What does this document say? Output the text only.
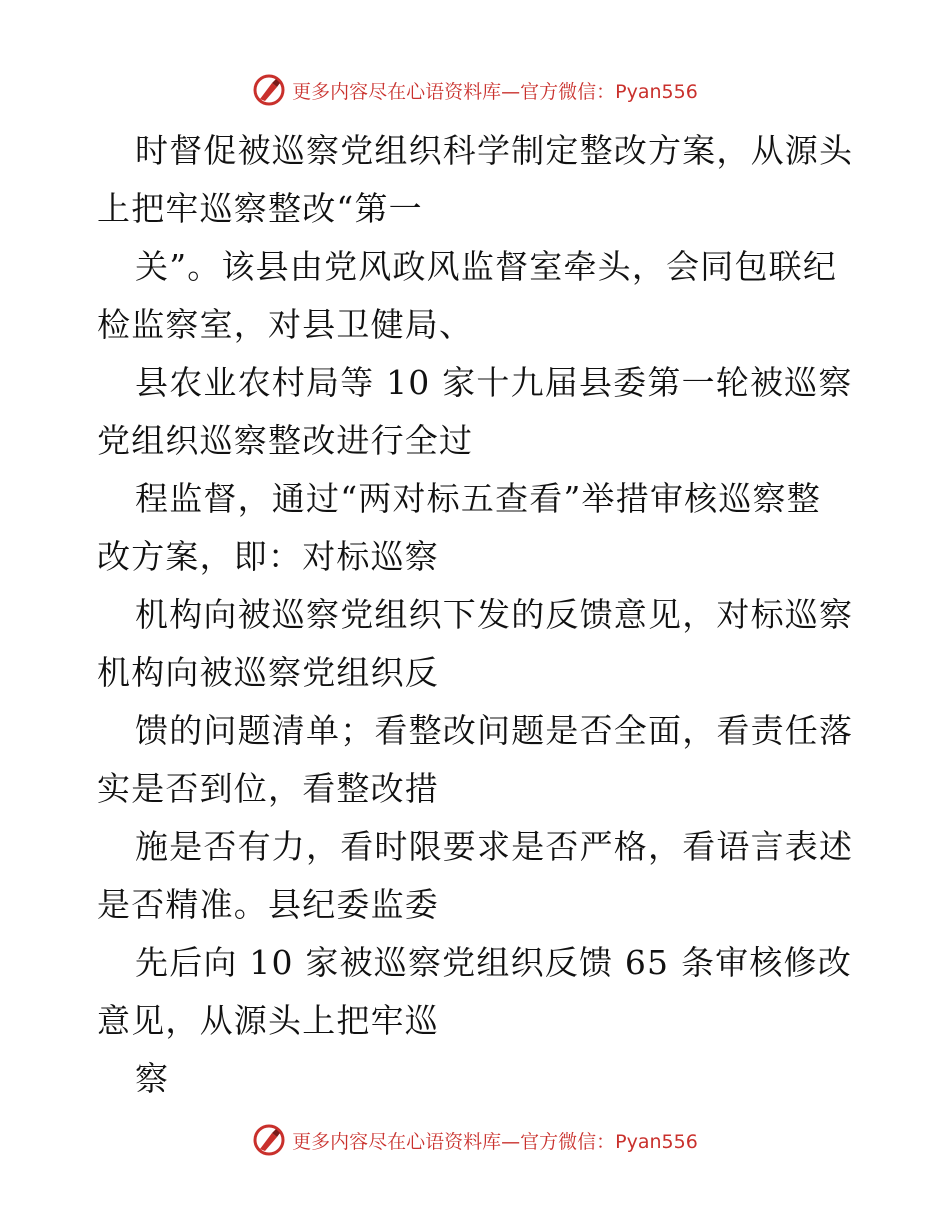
更多内容尽在心语资料库—官方微信：Pyan556
时督促被巡察党组织科学制定整改方案，从源头
上把牢巡察整改“第一
关”。该县由党风政风监督室牵头，会同包联纪
检监察室，对县卫健局、
县农业农村局等 10 家十九届县委第一轮被巡察
党组织巡察整改进行全过
程监督，通过“两对标五查看”举措审核巡察整
改方案，即：对标巡察
机构向被巡察党组织下发的反馈意见，对标巡察
机构向被巡察党组织反
馈的问题清单；看整改问题是否全面，看责任落
实是否到位，看整改措
施是否有力，看时限要求是否严格，看语言表述
是否精准。县纪委监委
先后向 10 家被巡察党组织反馈 65 条审核修改
意见，从源头上把牢巡
察
更多内容尽在心语资料库—官方微信：Pyan556
